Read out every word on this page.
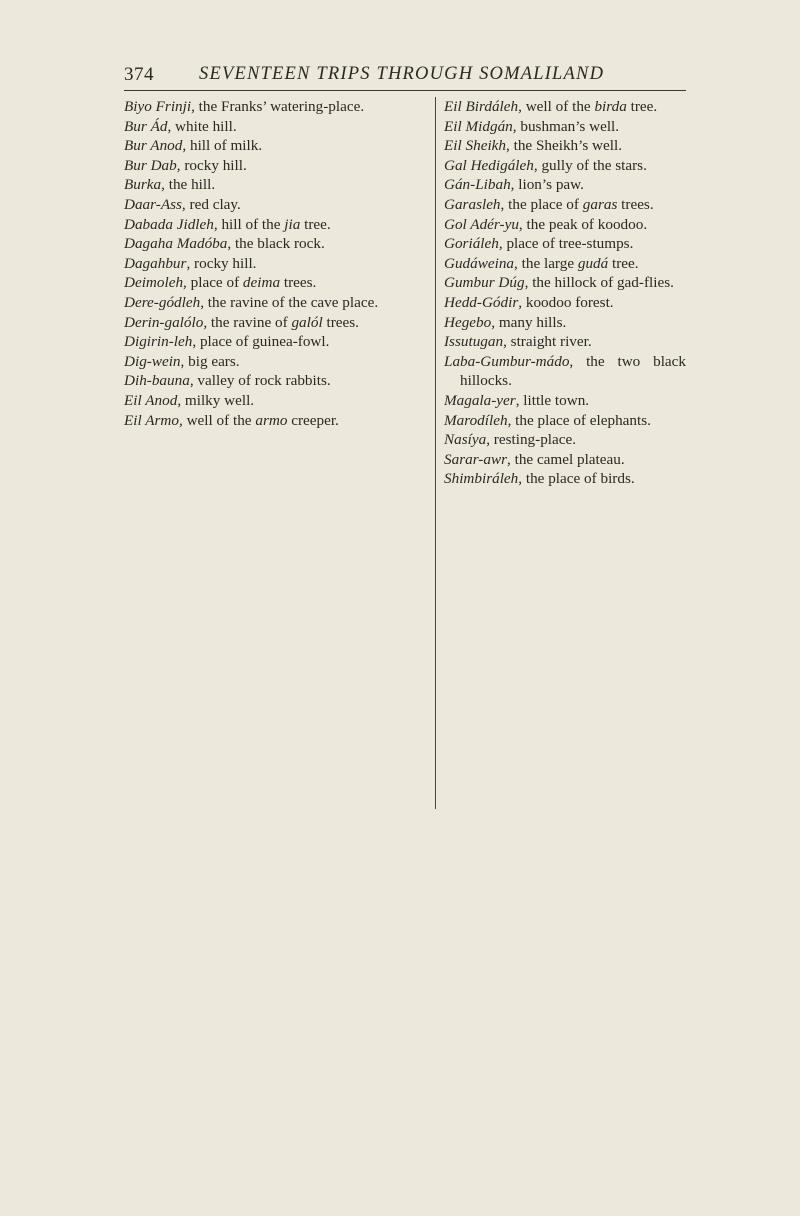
374 SEVENTEEN TRIPS THROUGH SOMALILAND

Biyo Frinji, the Franks’ watering-place.

Bur Ád, white hill.

Bur Anod, hill of milk.

Bur Dab, rocky hill.

Burka, the hill.

Daar-Ass, red clay.

Dabada Jidleh, hill of the jia tree.

Dagaha Madóba, the black rock.

Dagahbur, rocky hill.

Deimoleh, place of deima trees.

Dere-gódleh, the ravine of the cave place.

Derin-galólo, the ravine of galól trees.

Digirin-leh, place of guinea-fowl.

Dig-wein, big ears.

Dih-bauna, valley of rock rabbits.

Eil Anod, milky well.

Eil Armo, well of the armo creeper.

Eil Birdáleh, well of the birda tree.

Eil Midgán, bushman’s well.

Eil Sheikh, the Sheikh’s well.

Gal Hedigáleh, gully of the stars.

Gán-Libah, lion’s paw.

Garasleh, the place of garas trees.

Gol Adér-yu, the peak of koodoo.

Goriáleh, place of tree-stumps.

Gudáweina, the large gudá tree.

Gumbur Dúg, the hillock of gad-flies.

Hedd-Gódir, koodoo forest.

Hegebo, many hills.

Issutugan, straight river.

Laba-Gumbur-mádo, the two black hillocks.

Magala-yer, little town.

Marodíleh, the place of elephants.

Nasíya, resting-place.

Sarar-awr, the camel plateau.

Shimbiráleh, the place of birds.
